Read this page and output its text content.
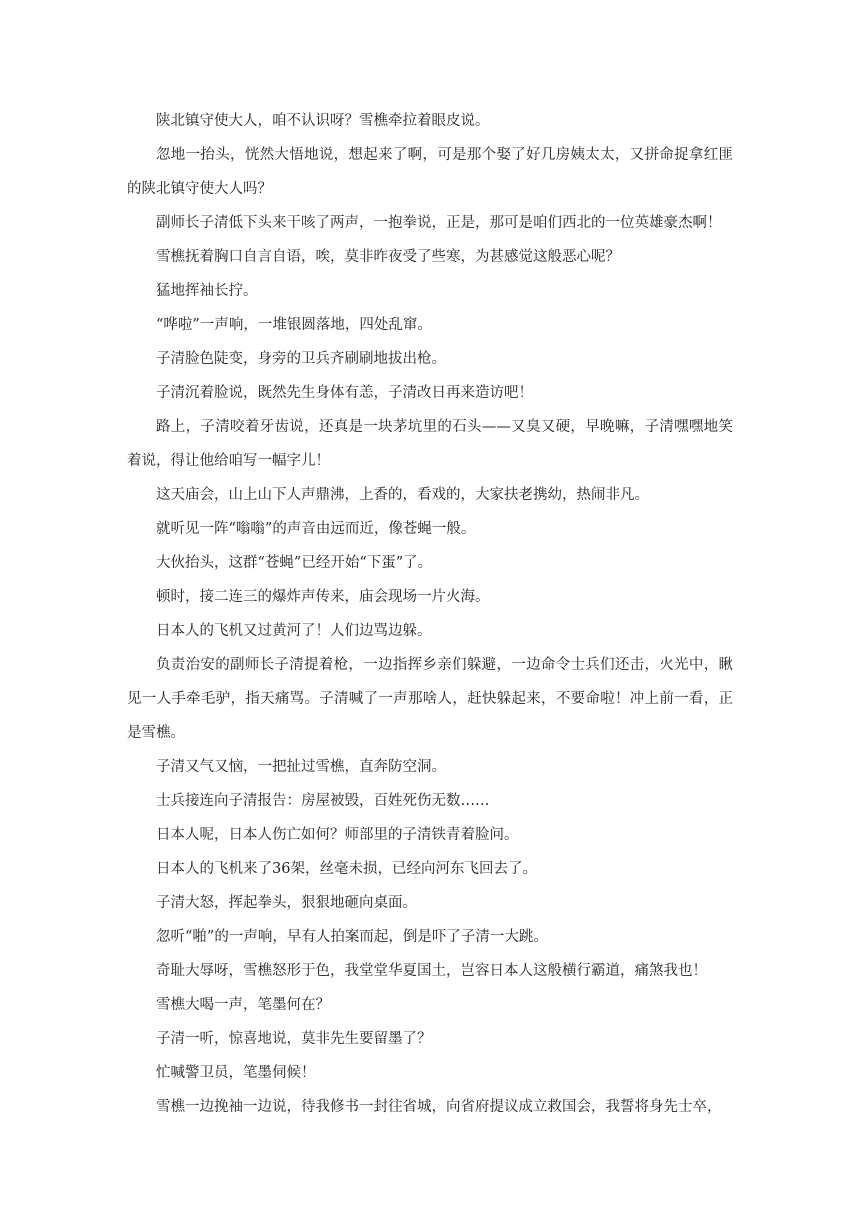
陕北镇守使大人，咱不认识呀？雪樵牵拉着眼皮说。

忽地一抬头，恍然大悟地说，想起来了啊，可是那个娶了好几房姨太太，又拼命捉拿红匪的陕北镇守使大人吗？

副师长子清低下头来干咳了两声，一抱拳说，正是，那可是咱们西北的一位英雄豪杰啊！

雪樵抚着胸口自言自语，唉，莫非昨夜受了些寒，为甚感觉这般恶心呢？

猛地挥袖长拧。

“哗啦”一声响，一堆银圆落地，四处乱窜。

子清脸色陡变，身旁的卫兵齐刷刷地拔出枪。

子清沉着脸说，既然先生身体有恙，子清改日再来造访吧！

路上，子清咬着牙齿说，还真是一块茅坑里的石头——又臭又硬，早晚嘛，子清嘿嘿地笑着说，得让他给咱写一幅字儿！

这天庙会，山上山下人声鼎沸，上香的，看戏的，大家扶老携幼，热闹非凡。

就听见一阵“嗡嗡”的声音由远而近，像苍蝇一般。

大伙抬头，这群“苍蝇”已经开始“下蛋”了。

顿时，接二连三的爆炸声传来，庙会现场一片火海。

日本人的飞机又过黄河了！人们边骂边躲。

负责治安的副师长子清提着枪，一边指挥乡亲们躲避，一边命令士兵们还击，火光中，瞅见一人手牵毛驴，指天痛骂。子清喊了一声那啥人，赶快躲起来，不要命啦！冲上前一看，正是雪樵。

子清又气又恼，一把扯过雪樵，直奔防空洞。

士兵接连向子清报告：房屋被毁，百姓死伤无数……

日本人呢，日本人伤亡如何？师部里的子清铁青着脸问。

日本人的飞机来了36架，丝毫未损，已经向河东飞回去了。

子清大怒，挥起拳头，狠狠地砸向桌面。

忽听“啪”的一声响，早有人拍案而起，倒是吓了子清一大跳。

奇耻大辱呀，雪樵怒形于色，我堂堂华夏国土，岂容日本人这般横行霸道，痛煞我也！

雪樵大喝一声，笔墨何在？

子清一听，惊喜地说，莫非先生要留墨了？

忙喊警卫员，笔墨伺候！

雪樵一边挽袖一边说，待我修书一封往省城，向省府提议成立救国会，我誓将身先士卒，
